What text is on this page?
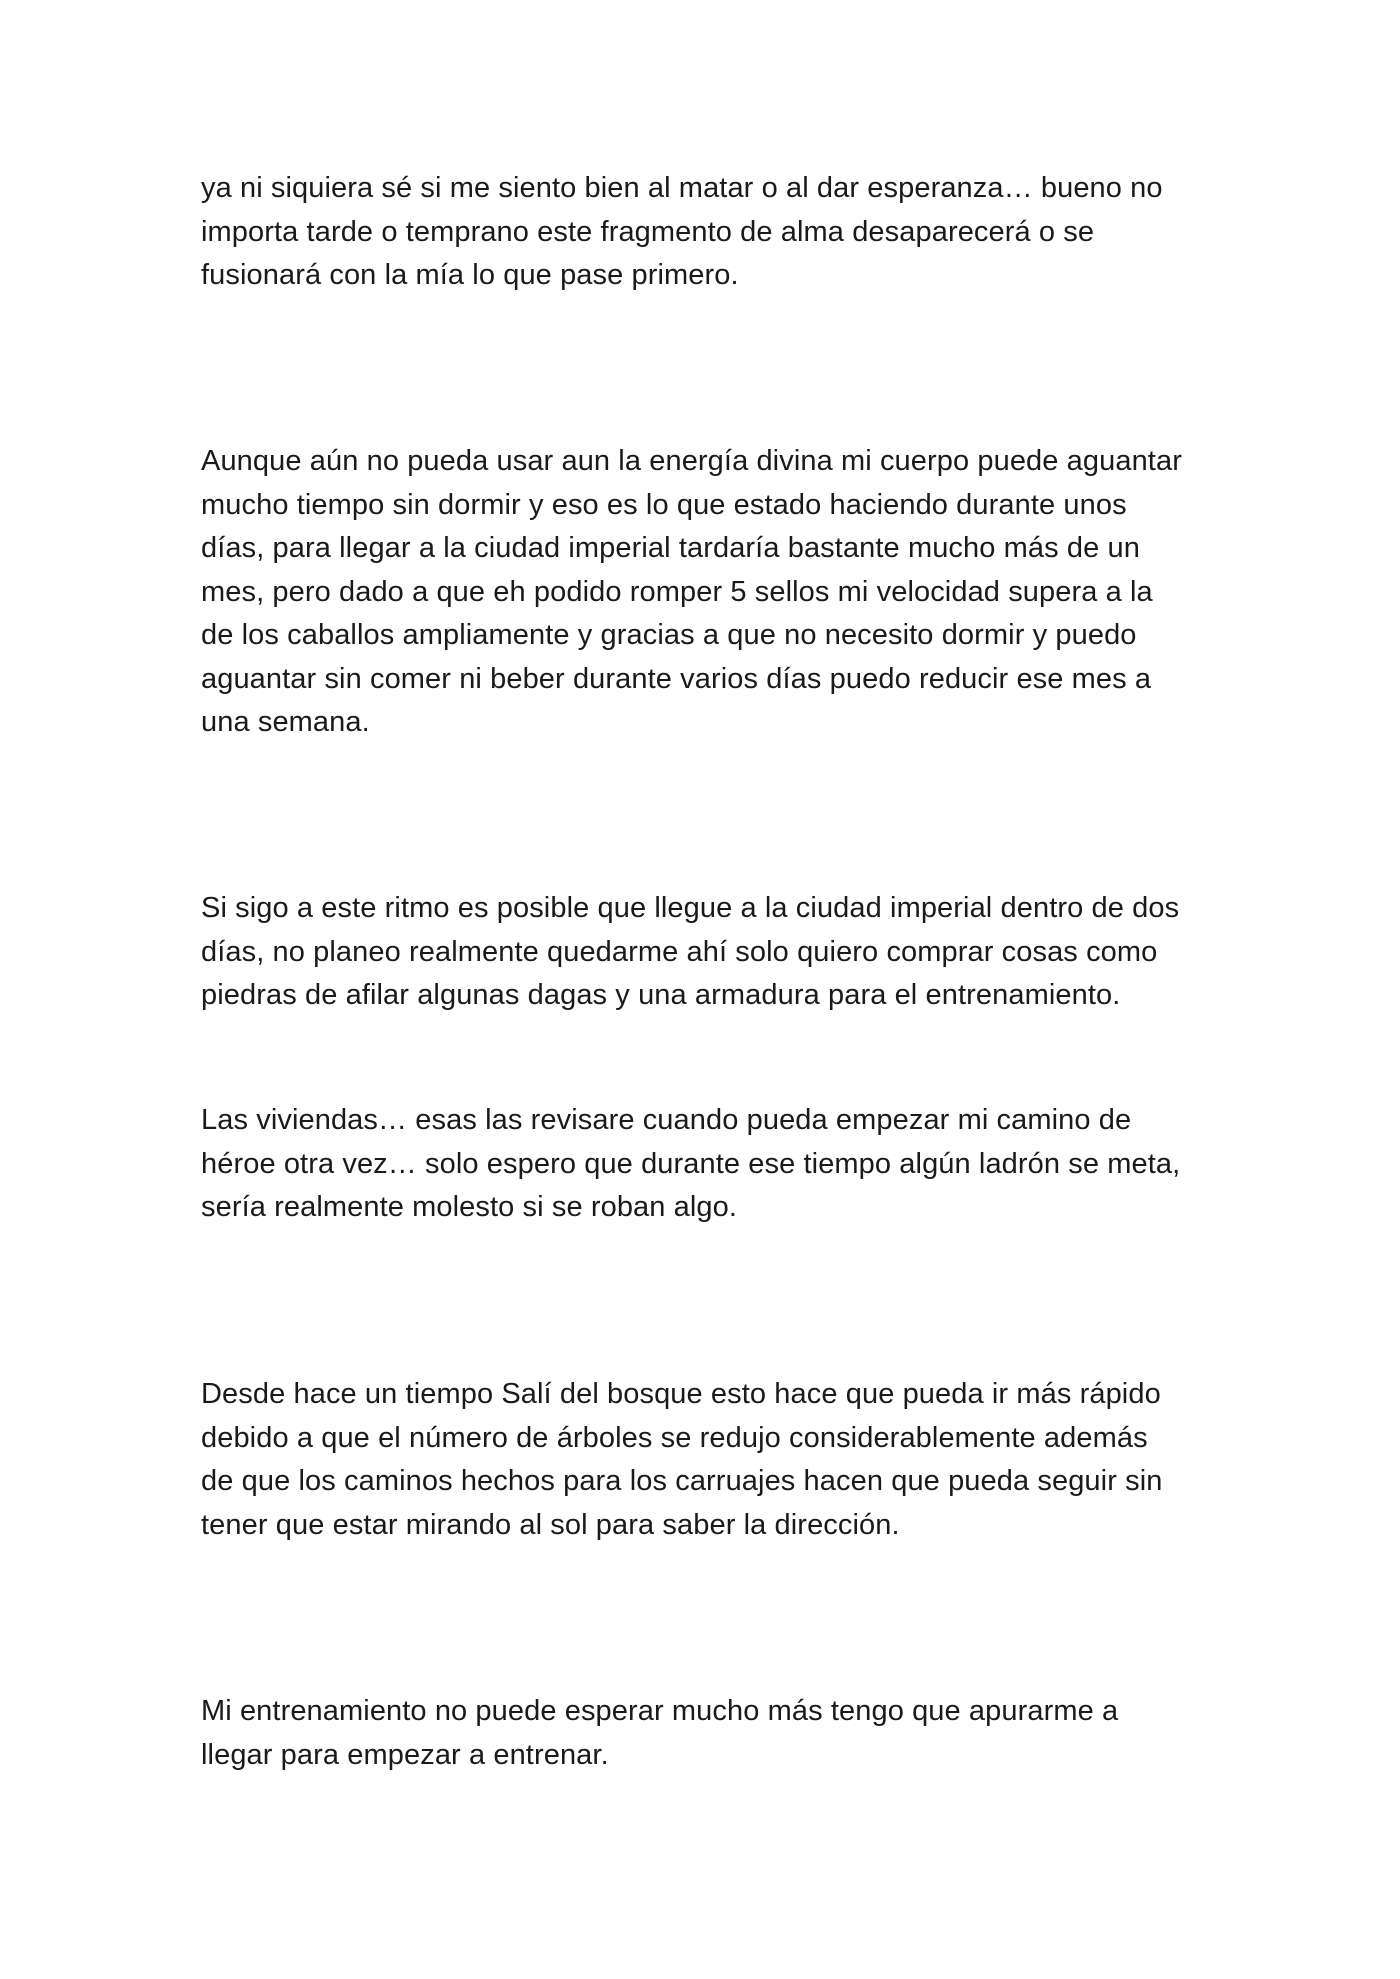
ya ni siquiera sé si me siento bien al matar o al dar esperanza… bueno no
importa tarde o temprano este fragmento de alma desaparecerá o se
fusionará con la mía lo que pase primero.

Aunque aún no pueda usar aun la energía divina mi cuerpo puede aguantar
mucho tiempo sin dormir y eso es lo que estado haciendo durante unos
días, para llegar a la ciudad imperial tardaría bastante mucho más de un
mes, pero dado a que eh podido romper 5 sellos mi velocidad supera a la
de los caballos ampliamente y gracias a que no necesito dormir y puedo
aguantar sin comer ni beber durante varios días puedo reducir ese mes a
una semana.

Si sigo a este ritmo es posible que llegue a la ciudad imperial dentro de dos
días, no planeo realmente quedarme ahí solo quiero comprar cosas como
piedras de afilar algunas dagas y una armadura para el entrenamiento.

Las viviendas… esas las revisare cuando pueda empezar mi camino de
héroe otra vez… solo espero que durante ese tiempo algún ladrón se meta,
sería realmente molesto si se roban algo.

Desde hace un tiempo Salí del bosque esto hace que pueda ir más rápido
debido a que el número de árboles se redujo considerablemente además
de que los caminos hechos para los carruajes hacen que pueda seguir sin
tener que estar mirando al sol para saber la dirección.

Mi entrenamiento no puede esperar mucho más tengo que apurarme a
llegar para empezar a entrenar.
